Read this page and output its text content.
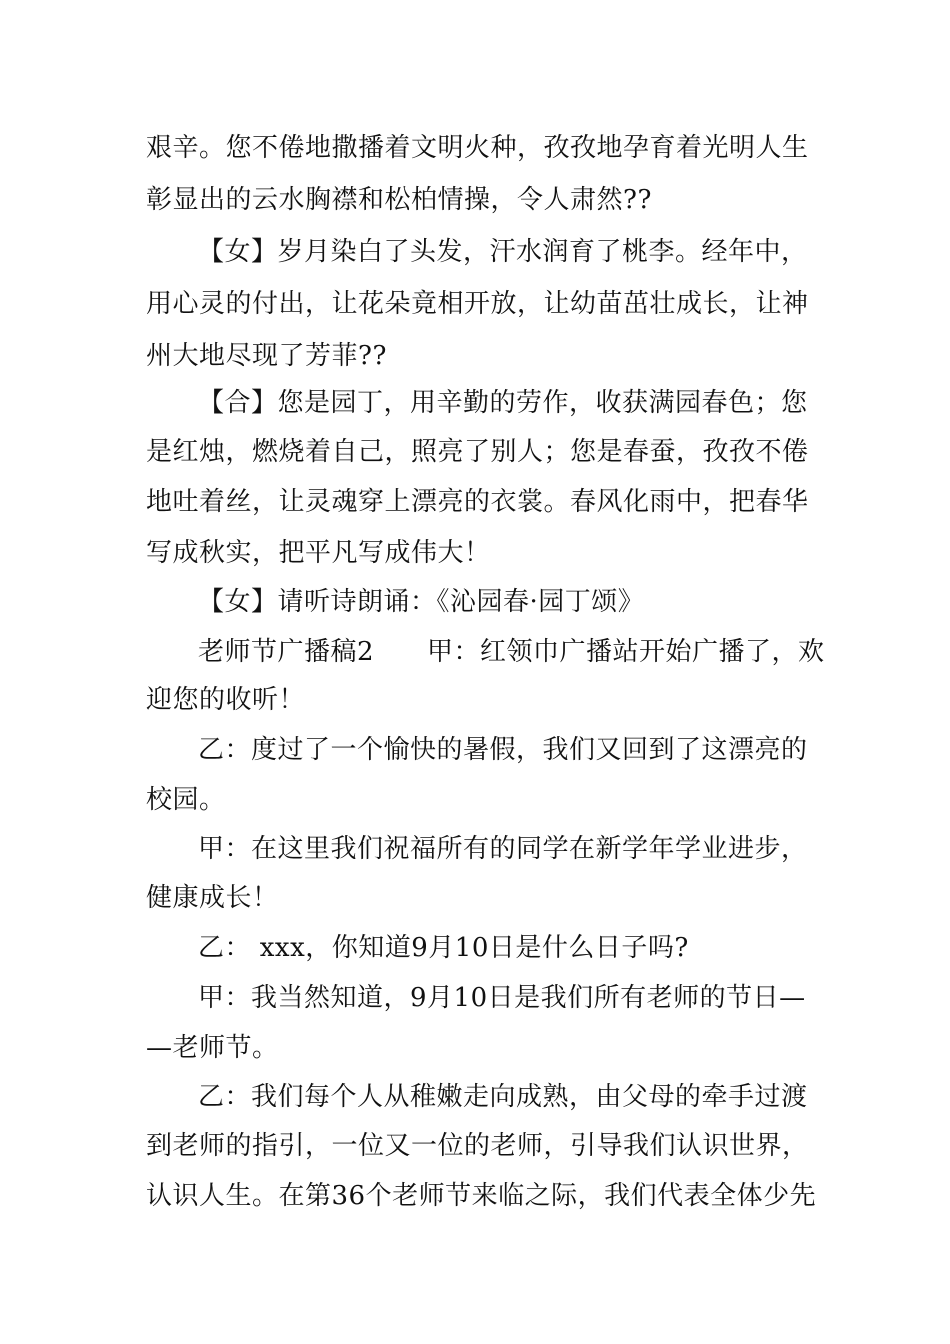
艰辛。您不倦地撒播着文明火种，孜孜地孕育着光明人生
彰显出的云水胸襟和松柏情操，令人肃然??
【女】岁月染白了头发，汗水润育了桃李。经年中，
用心灵的付出，让花朵竟相开放，让幼苗茁壮成长，让神
州大地尽现了芳菲??
【合】您是园丁，用辛勤的劳作，收获满园春色；您
是红烛，燃烧着自己，照亮了别人；您是春蚕，孜孜不倦
地吐着丝，让灵魂穿上漂亮的衣裳。春风化雨中，把春华
写成秋实，把平凡写成伟大！
【女】请听诗朗诵：《沁园春·园丁颂》
老师节广播稿2　　甲：红领巾广播站开始广播了，欢
迎您的收听！
乙：度过了一个愉快的暑假，我们又回到了这漂亮的
校园。
甲：在这里我们祝福所有的同学在新学年学业进步，
健康成长！
乙： xxx，你知道9月10日是什么日子吗?
甲：我当然知道，9月10日是我们所有老师的节日—
—老师节。
乙：我们每个人从稚嫩走向成熟，由父母的牵手过渡
到老师的指引，一位又一位的老师，引导我们认识世界，
认识人生。在第36个老师节来临之际，我们代表全体少先
